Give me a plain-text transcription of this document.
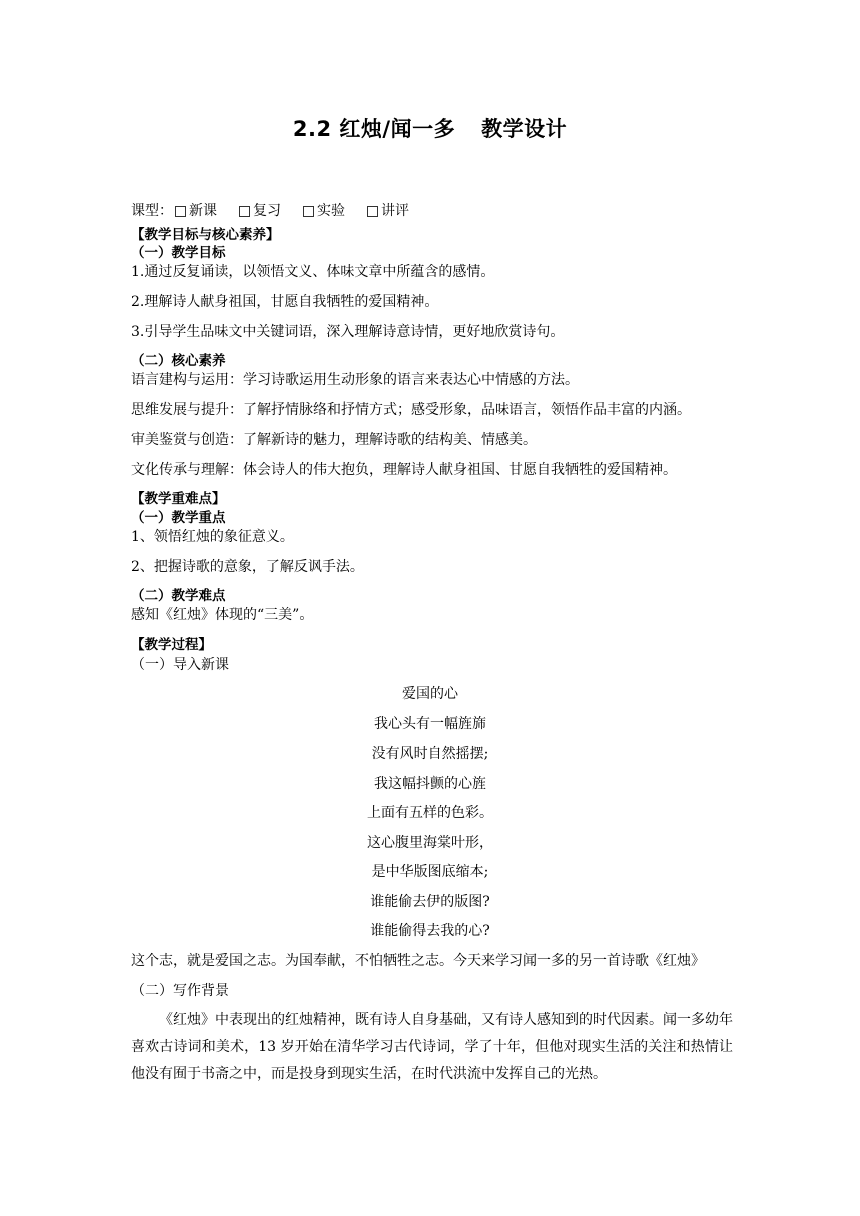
2.2 红烛/闻一多 教学设计
课型： 新课	复习	实验	讲评
【教学目标与核心素养】
（一）教学目标
1.通过反复诵读，以领悟文义、体味文章中所蕴含的感情。
2.理解诗人献身祖国，甘愿自我牺牲的爱国精神。
3.引导学生品味文中关键词语，深入理解诗意诗情，更好地欣赏诗句。
（二）核心素养
语言建构与运用：学习诗歌运用生动形象的语言来表达心中情感的方法。
思维发展与提升：了解抒情脉络和抒情方式；感受形象，品味语言，领悟作品丰富的内涵。
审美鉴赏与创造：了解新诗的魅力，理解诗歌的结构美、情感美。
文化传承与理解：体会诗人的伟大抱负，理解诗人献身祖国、甘愿自我牺牲的爱国精神。
【教学重难点】
（一）教学重点
1、领悟红烛的象征意义。
2、把握诗歌的意象，了解反讽手法。
（二）教学难点
感知《红烛》体现的“三美”。
【教学过程】
（一）导入新课
爱国的心
我心头有一幅旌旆
没有风时自然摇摆;
我这幅抖颤的心旌
上面有五样的色彩。
这心腹里海棠叶形，
是中华版图底缩本;
谁能偷去伊的版图?
谁能偷得去我的心?
这个志，就是爱国之志。为国奉献，不怕牺牲之志。今天来学习闻一多的另一首诗歌《红烛》
（二）写作背景
《红烛》中表现出的红烛精神，既有诗人自身基础，又有诗人感知到的时代因素。闻一多幼年喜欢古诗词和美术，13 岁开始在清华学习古代诗词，学了十年，但他对现实生活的关注和热情让他没有囿于书斋之中，而是投身到现实生活，在时代洪流中发挥自己的光热。
